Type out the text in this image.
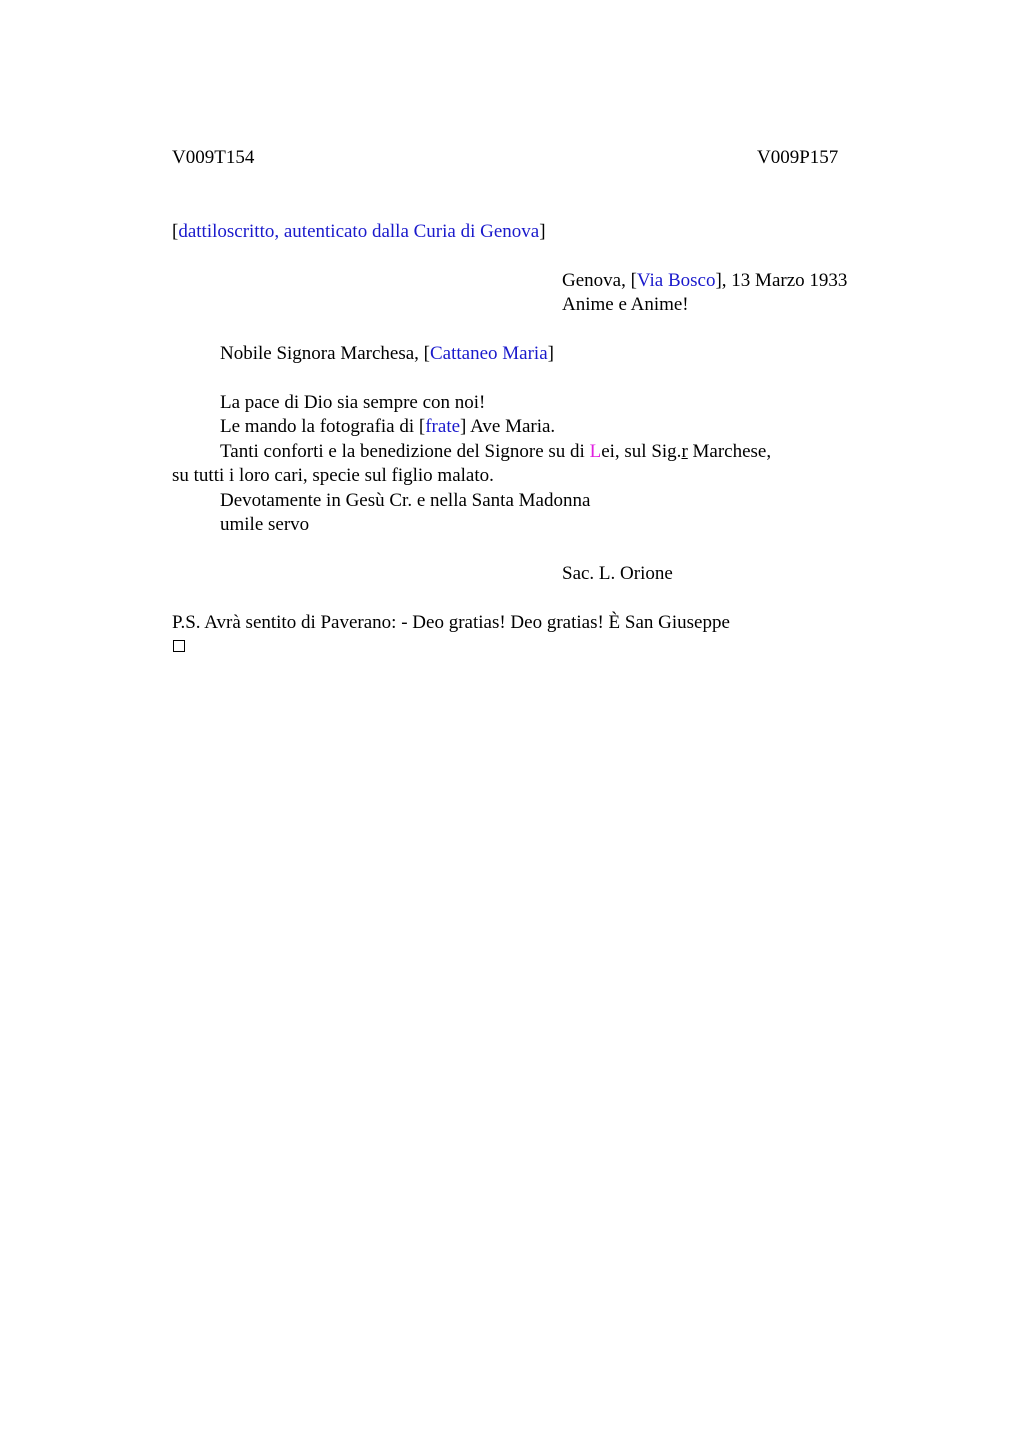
V009T154	V009P157
[dattiloscritto, autenticato dalla Curia di Genova]
Genova, [Via Bosco], 13 Marzo 1933
Anime e Anime!
Nobile Signora Marchesa, [Cattaneo Maria]
La pace di Dio sia sempre con noi!
Le mando la fotografia di [frate] Ave Maria.
Tanti conforti e la benedizione del Signore su di Lei, sul Sig.r Marchese,
su tutti i loro cari, specie sul figlio malato.
Devotamente in Gesù Cr. e nella Santa Madonna
umile servo
Sac. L. Orione
P.S. Avrà sentito di Paverano: - Deo gratias! Deo gratias! È San Giuseppe
